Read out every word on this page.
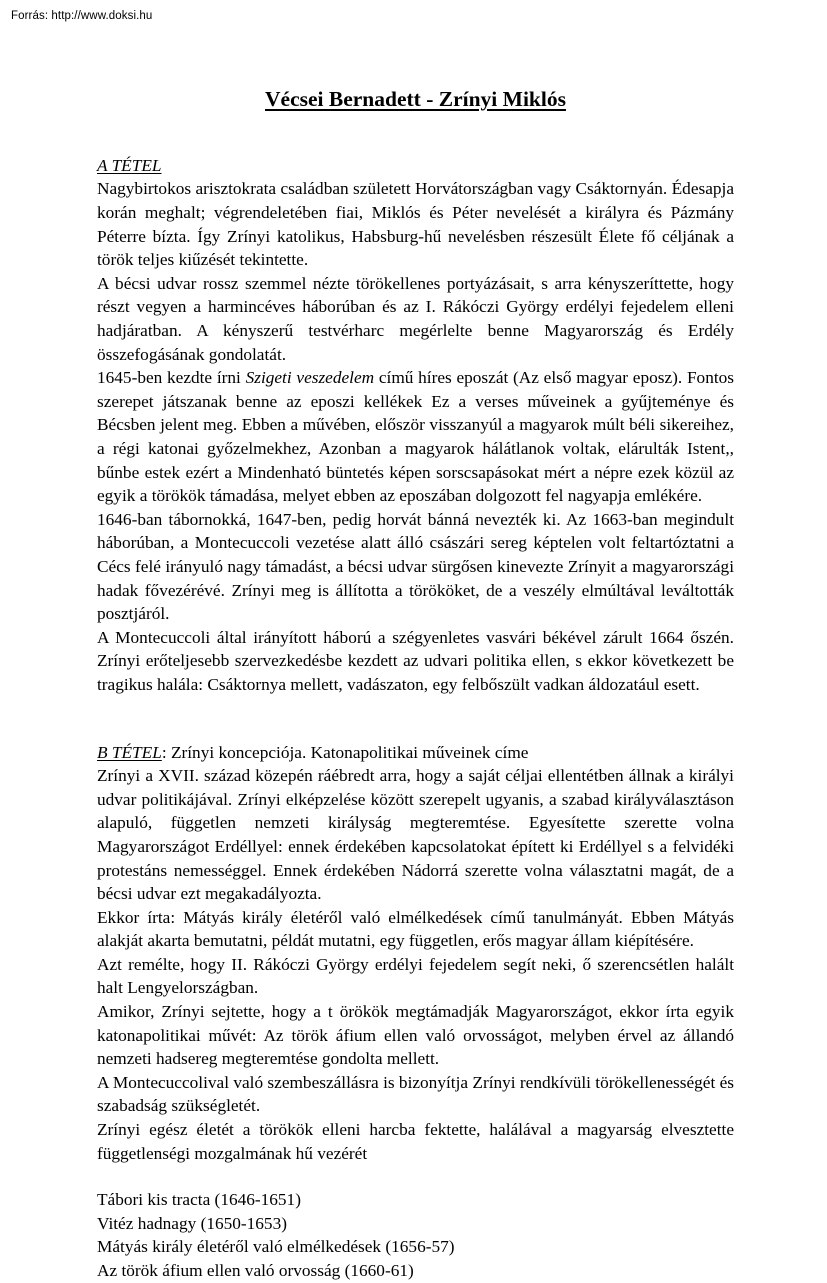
Forrás: http://www.doksi.hu
Vécsei Bernadett - Zrínyi Miklós

A TÉTEL

Nagybirtokos arisztokrata családban született Horvátországban vagy Csáktornyán. Édesapja korán meghalt; végrendeletében fiai, Miklós és Péter nevelését a királyra és Pázmány Péterre bízta. Így Zrínyi katolikus, Habsburg-hű nevelésben részesült Élete fő céljának a török teljes kiűzését tekintette.

A bécsi udvar rossz szemmel nézte törökellenes portyázásait, s arra kényszeríttette, hogy részt vegyen a harmincéves háborúban és az I. Rákóczi György erdélyi fejedelem elleni hadjáratban. A kényszerű testvérharc megérlelte benne Magyarország és Erdély összefogásának gondolatát.

1645-ben kezdte írni Szigeti veszedelem című híres eposzát (Az első magyar eposz). Fontos szerepet játszanak benne az eposzi kellékek Ez a verses műveinek a gyűjteménye és Bécsben jelent meg. Ebben a művében, először visszanyúl a magyarok múlt béli sikereihez, a régi katonai győzelmekhez, Azonban a magyarok hálátlanok voltak, elárulták Istent,, bűnbe estek ezért a Mindenható büntetés képen sorscsapásokat mért a népre ezek közül az egyik a törökök támadása, melyet ebben az eposzában dolgozott fel nagyapja emlékére.

1646-ban tábornokká, 1647-ben, pedig horvát bánná nevezték ki. Az 1663-ban megindult háborúban, a Montecuccoli vezetése alatt álló császári sereg képtelen volt feltartóztatni a Cécs felé irányuló nagy támadást, a bécsi udvar sürgősen kinevezte Zrínyit a magyarországi hadak fővezérévé. Zrínyi meg is állította a törököket, de a veszély elmúltával leváltották posztjáról.

A Montecuccoli által irányított háború a szégyenletes vasvári békével zárult 1664 őszén. Zrínyi erőteljesebb szervezkedésbe kezdett az udvari politika ellen, s ekkor következett be tragikus halála: Csáktornya mellett, vadászaton, egy felbőszült vadkan áldozatául esett.

B TÉTEL: Zrínyi koncepciója. Katonapolitikai műveinek címe

Zrínyi a XVII. század közepén ráébredt arra, hogy a saját céljai ellentétben állnak a királyi udvar politikájával. Zrínyi elképzelése között szerepelt ugyanis, a szabad királyválasztáson alapuló, független nemzeti királyság megteremtése. Egyesítette szerette volna Magyarországot Erdéllyel: ennek érdekében kapcsolatokat épített ki Erdéllyel s a felvidéki protestáns nemességgel. Ennek érdekében Nádorrá szerette volna választatni magát, de a bécsi udvar ezt megakadályozta.

Ekkor írta: Mátyás király életéről való elmélkedések című tanulmányát. Ebben Mátyás alakját akarta bemutatni, példát mutatni, egy független, erős magyar állam kiépítésére.

Azt remélte, hogy II. Rákóczi György erdélyi fejedelem segít neki, ő szerencsétlen halált halt Lengyelországban.

Amikor, Zrínyi sejtette, hogy a t örökök megtámadják Magyarországot, ekkor írta egyik katonapolitikai művét: Az török áfium ellen való orvosságot, melyben érvel az állandó nemzeti hadsereg megteremtése gondolta mellett.

A Montecuccolival való szembeszállásra is bizonyítja Zrínyi rendkívüli törökellenességét és szabadság szükségletét.

Zrínyi egész életét a törökök elleni harcba fektette, halálával a magyarság elvesztette függetlenségi mozgalmának hű vezérét

Tábori kis tracta (1646-1651)
Vitéz hadnagy (1650-1653)
Mátyás király életéről való elmélkedések (1656-57)
Az török áfium ellen való orvosság (1660-61)
